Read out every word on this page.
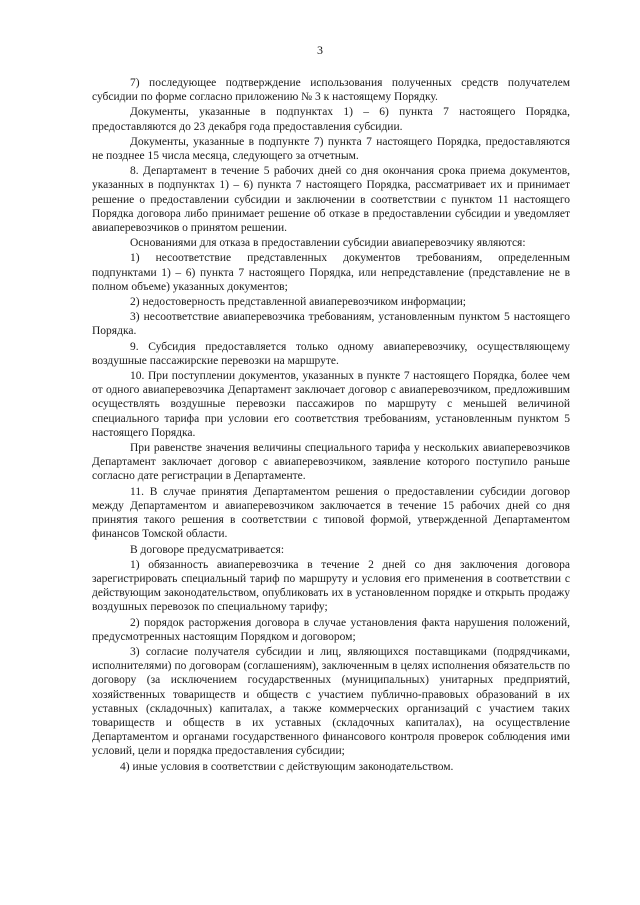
3

7) последующее подтверждение использования полученных средств получателем субсидии по форме согласно приложению № 3 к настоящему Порядку.

Документы, указанные в подпунктах 1) – 6) пункта 7 настоящего Порядка, предоставляются до 23 декабря года предоставления субсидии.

Документы, указанные в подпункте 7) пункта 7 настоящего Порядка, предоставляются не позднее 15 числа месяца, следующего за отчетным.

8. Департамент в течение 5 рабочих дней со дня окончания срока приема документов, указанных в подпунктах 1) – 6) пункта 7 настоящего Порядка, рассматривает их и принимает решение о предоставлении субсидии и заключении в соответствии с пунктом 11 настоящего Порядка договора либо принимает решение об отказе в предоставлении субсидии и уведомляет авиаперевозчиков о принятом решении.

Основаниями для отказа в предоставлении субсидии авиаперевозчику являются:

1) несоответствие представленных документов требованиям, определенным подпунктами 1) – 6) пункта 7 настоящего Порядка, или непредставление (представление не в полном объеме) указанных документов;

2) недостоверность представленной авиаперевозчиком информации;

3) несоответствие авиаперевозчика требованиям, установленным пунктом 5 настоящего Порядка.

9. Субсидия предоставляется только одному авиаперевозчику, осуществляющему воздушные пассажирские перевозки на маршруте.

10. При поступлении документов, указанных в пункте 7 настоящего Порядка, более чем от одного авиаперевозчика Департамент заключает договор с авиаперевозчиком, предложившим осуществлять воздушные перевозки пассажиров по маршруту с меньшей величиной специального тарифа при условии его соответствия требованиям, установленным пунктом 5 настоящего Порядка.

При равенстве значения величины специального тарифа у нескольких авиаперевозчиков Департамент заключает договор с авиаперевозчиком, заявление которого поступило раньше согласно дате регистрации в Департаменте.

11. В случае принятия Департаментом решения о предоставлении субсидии договор между Департаментом и авиаперевозчиком заключается в течение 15 рабочих дней со дня принятия такого решения в соответствии с типовой формой, утвержденной Департаментом финансов Томской области.

В договоре предусматривается:

1) обязанность авиаперевозчика в течение 2 дней со дня заключения договора зарегистрировать специальный тариф по маршруту и условия его применения в соответствии с действующим законодательством, опубликовать их в установленном порядке и открыть продажу воздушных перевозок по специальному тарифу;

2) порядок расторжения договора в случае установления факта нарушения положений, предусмотренных настоящим Порядком и договором;

3) согласие получателя субсидии и лиц, являющихся поставщиками (подрядчиками, исполнителями) по договорам (соглашениям), заключенным в целях исполнения обязательств по договору (за исключением государственных (муниципальных) унитарных предприятий, хозяйственных товариществ и обществ с участием публично-правовых образований в их уставных (складочных) капиталах, а также коммерческих организаций с участием таких товариществ и обществ в их уставных (складочных капиталах), на осуществление Департаментом и органами государственного финансового контроля проверок соблюдения ими условий, цели и порядка предоставления субсидии;

4) иные условия в соответствии с действующим законодательством.
